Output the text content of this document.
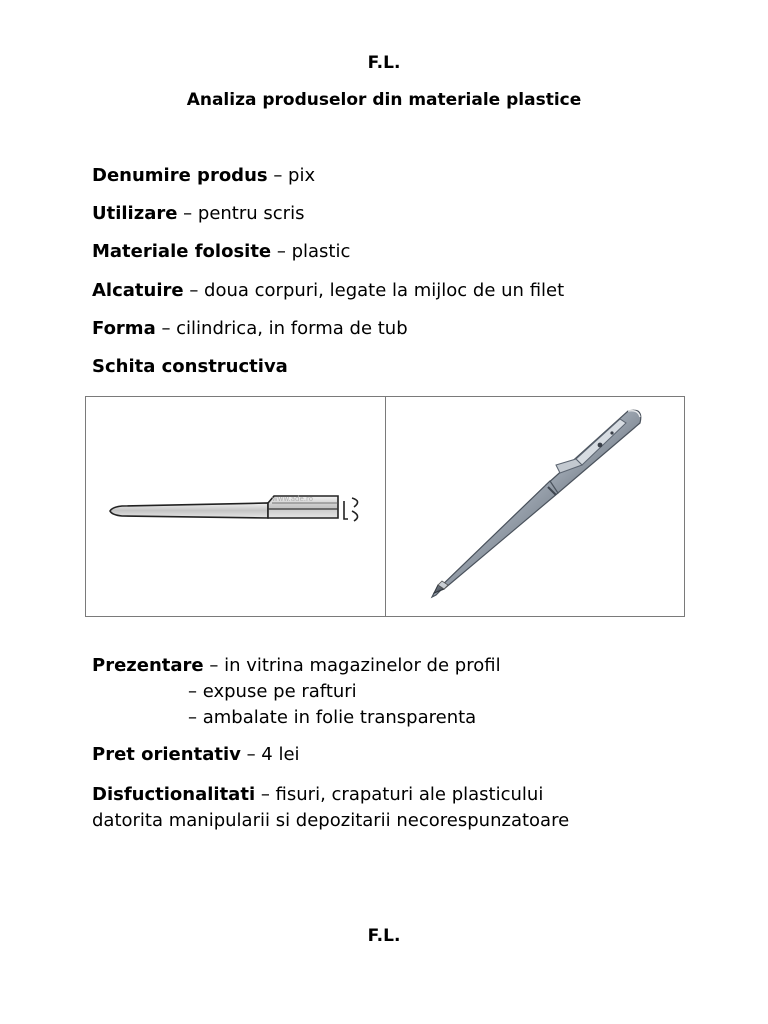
F.L.
Analiza produselor din materiale plastice
Denumire produs – pix
Utilizare – pentru scris
Materiale folosite – plastic
Alcatuire – doua corpuri, legate la mijloc de un filet
Forma – cilindrica, in forma de tub
Schita constructiva
www.ade.ro
Prezentare – in vitrina magazinelor de profil
– expuse pe rafturi
– ambalate in folie transparenta
Pret orientativ – 4 lei
Disfuctionalitati – fisuri, crapaturi ale plasticului
datorita manipularii si depozitarii necorespunzatoare
F.L.
